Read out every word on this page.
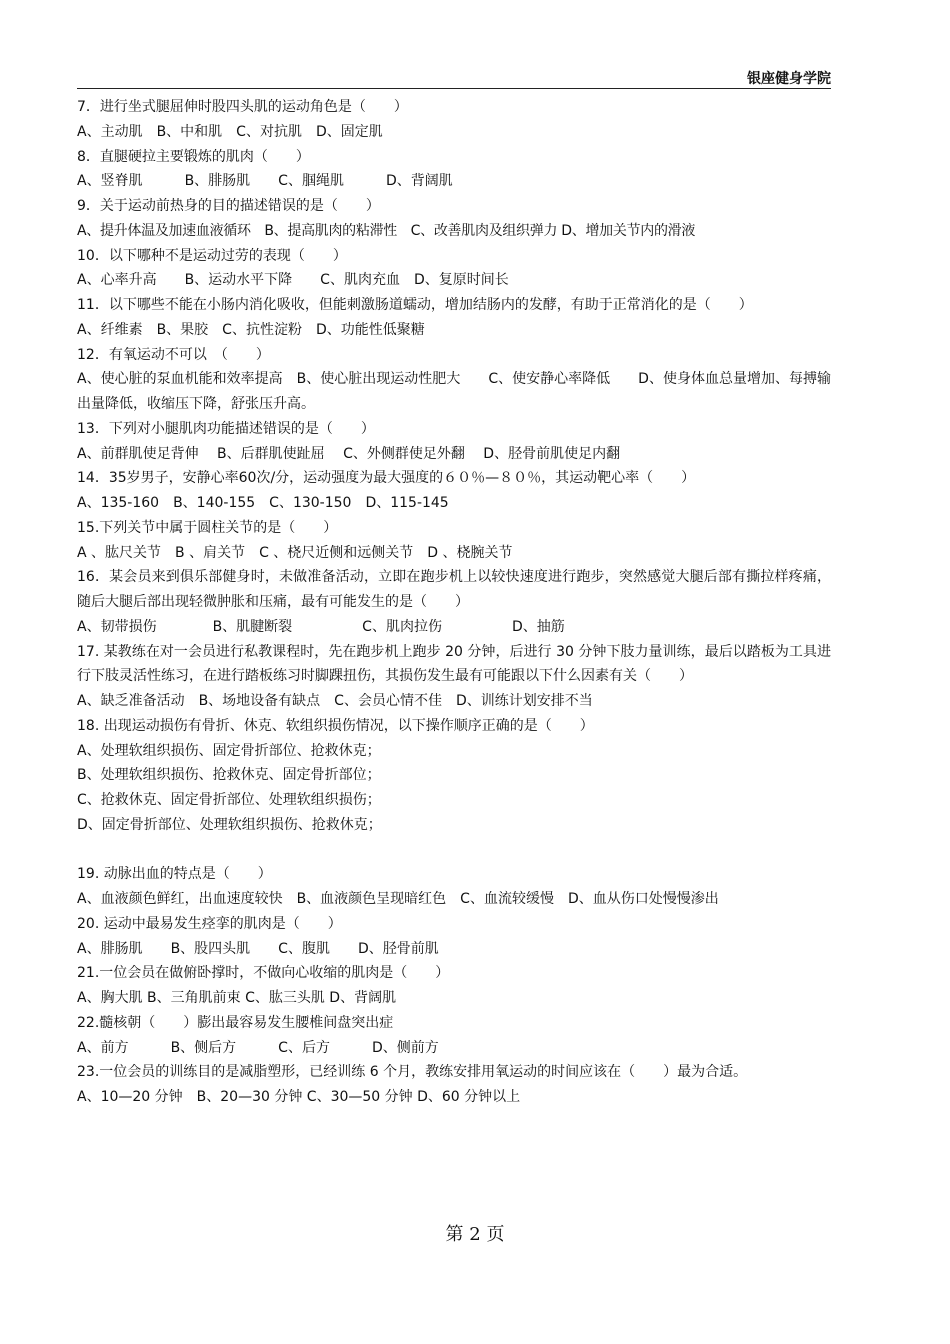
银座健身学院
7．进行坐式腿屈伸时股四头肌的运动角色是（　　）
A、主动肌　B、中和肌　C、对抗肌　D、固定肌
8．直腿硬拉主要锻炼的肌肉（　　）
A、竖脊肌　　　B、腓肠肌　　C、腘绳肌　　　D、背阔肌
9．关于运动前热身的目的描述错误的是（　　）
A、提升体温及加速血液循环　B、提高肌肉的粘滞性　C、改善肌肉及组织弹力 D、增加关节内的滑液
10．以下哪种不是运动过劳的表现（　　）
A、心率升高　　B、运动水平下降　　C、肌肉充血　D、复原时间长
11．以下哪些不能在小肠内消化吸收，但能刺激肠道蠕动，增加结肠内的发酵，有助于正常消化的是（　　）
A、纤维素　B、果胶　C、抗性淀粉　D、功能性低聚糖
12．有氧运动不可以　（　　）
A、使心脏的泵血机能和效率提高　B、使心脏出现运动性肥大　　C、使安静心率降低　　D、使身体血总量增加、每搏输出量降低，收缩压下降，舒张压升高。
13．下列对小腿肌肉功能描述错误的是（　　）
A、前群肌使足背伸　 B、后群肌使趾屈　 C、外侧群使足外翻　 D、胫骨前肌使足内翻
14．35岁男子，安静心率60次/分，运动强度为最大强度的６０％—８０％，其运动靶心率（　　）
A、135-160　B、140-155　C、130-150　D、115-145
15.下列关节中属于圆柱关节的是（　　）
A 、肱尺关节　B 、肩关节　C 、桡尺近侧和远侧关节　D 、桡腕关节
16．某会员来到俱乐部健身时，未做准备活动，立即在跑步机上以较快速度进行跑步，突然感觉大腿后部有撕拉样疼痛，随后大腿后部出现轻微肿胀和压痛，最有可能发生的是（　　）
A、韧带损伤　　　　B、肌腱断裂　　　　　C、肌肉拉伤　　　　　D、抽筋
17. 某教练在对一会员进行私教课程时，先在跑步机上跑步 20 分钟，后进行 30 分钟下肢力量训练，最后以踏板为工具进行下肢灵活性练习，在进行踏板练习时脚踝扭伤，其损伤发生最有可能跟以下什么因素有关（　　）
A、缺乏准备活动　B、场地设备有缺点　C、会员心情不佳　D、训练计划安排不当
18. 出现运动损伤有骨折、休克、软组织损伤情况，以下操作顺序正确的是（　　）
A、处理软组织损伤、固定骨折部位、抢救休克；
B、处理软组织损伤、抢救休克、固定骨折部位；
C、抢救休克、固定骨折部位、处理软组织损伤；
D、固定骨折部位、处理软组织损伤、抢救休克；
19. 动脉出血的特点是（　　）
A、血液颜色鲜红，出血速度较快　B、血液颜色呈现暗红色　C、血流较缓慢　D、血从伤口处慢慢渗出
20. 运动中最易发生痉挛的肌肉是（　　）
A、腓肠肌　　B、股四头肌　　C、腹肌　　D、胫骨前肌
21.一位会员在做俯卧撑时，不做向心收缩的肌肉是（　　）
A、胸大肌 B、三角肌前束 C、肱三头肌 D、背阔肌
22.髓核朝（　　）膨出最容易发生腰椎间盘突出症
A、前方　　　B、侧后方　　　C、后方　　　D、侧前方
23.一位会员的训练目的是减脂塑形，已经训练 6 个月，教练安排用氧运动的时间应该在（　　）最为合适。
A、10—20 分钟　B、20—30 分钟 C、30—50 分钟 D、60 分钟以上
第 2 页
